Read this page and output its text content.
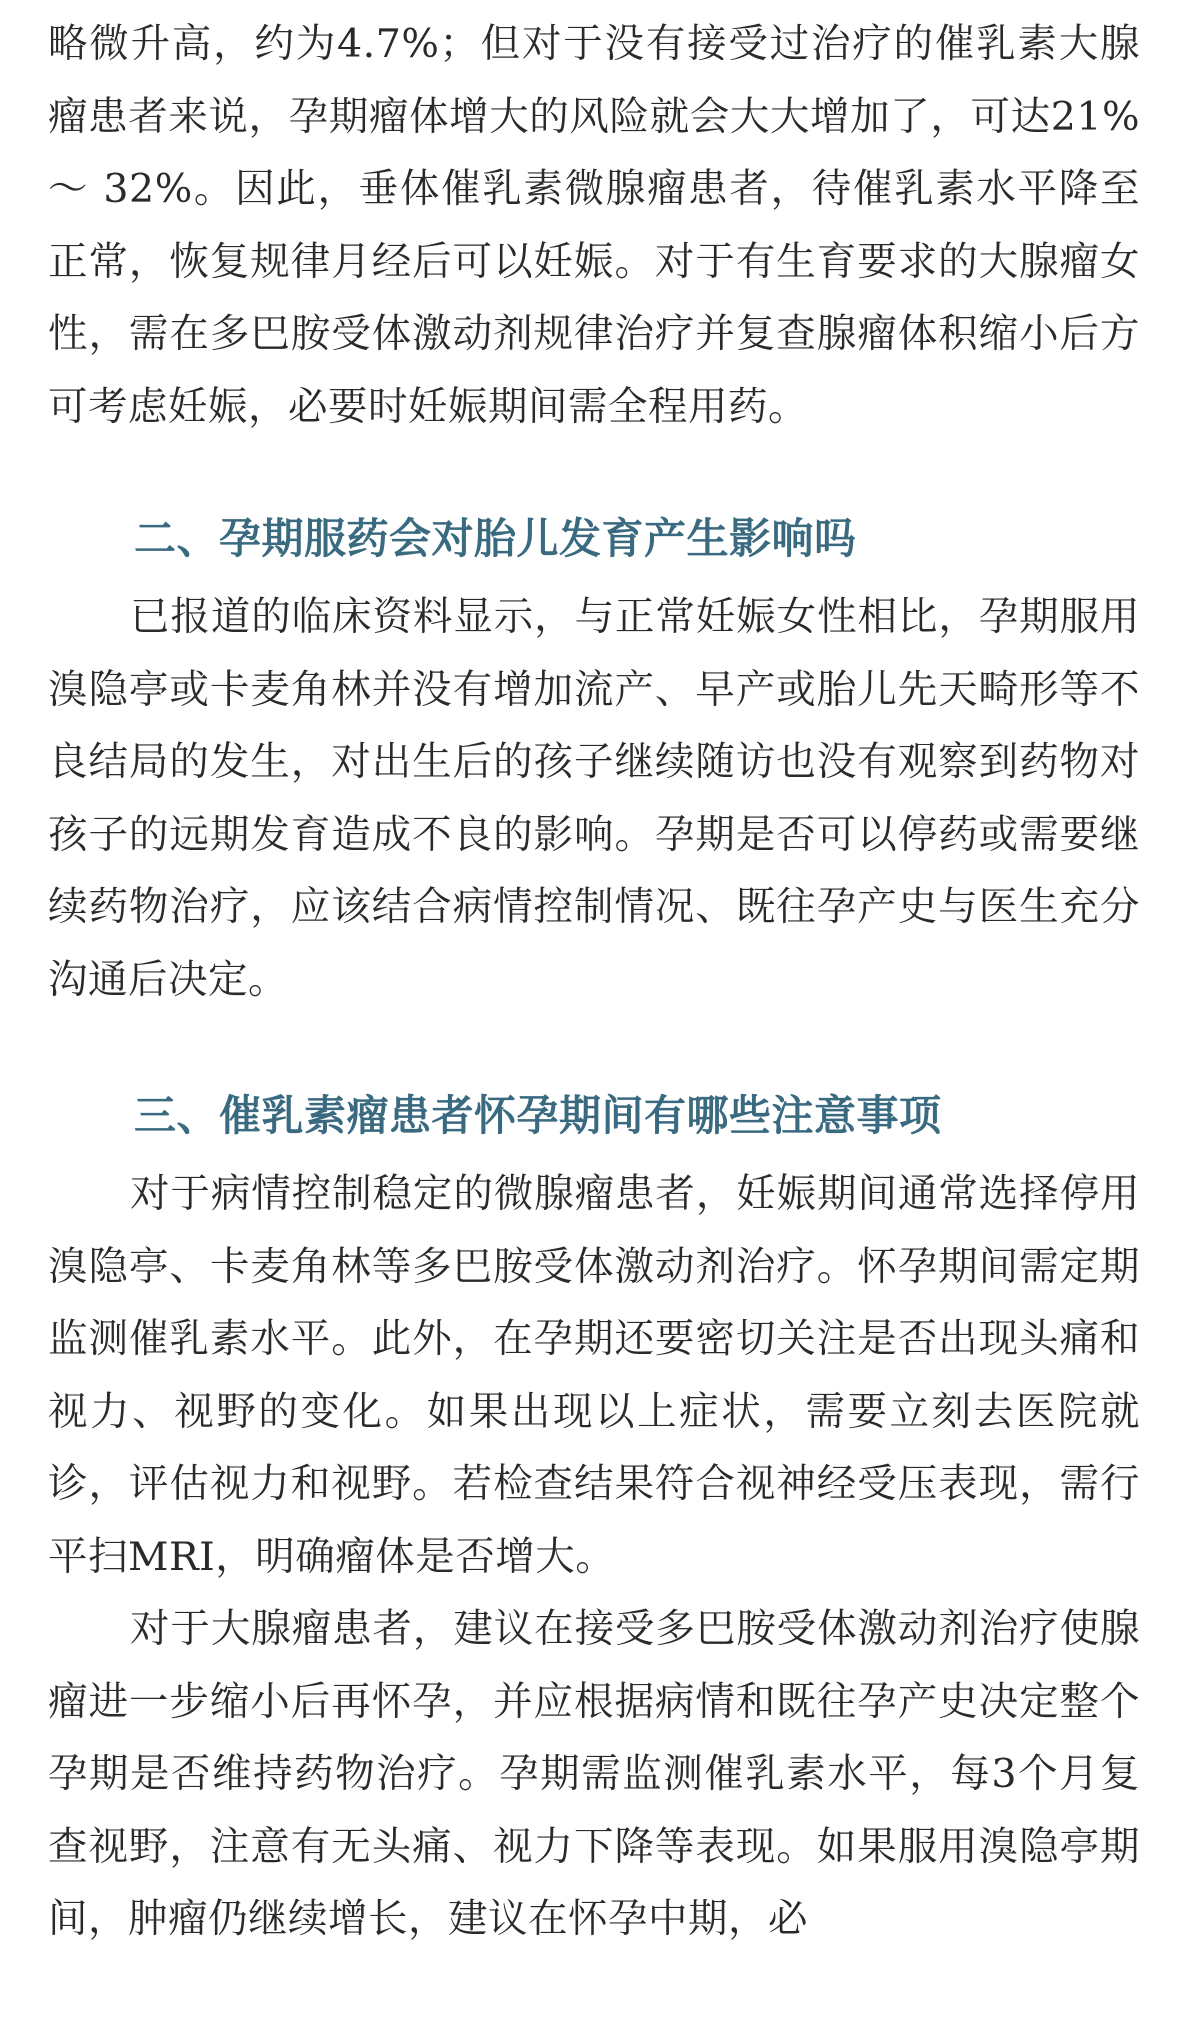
略微升高，约为4.7%；但对于没有接受过治疗的催乳素大腺瘤患者来说，孕期瘤体增大的风险就会大大增加了，可达21% ～ 32%。因此，垂体催乳素微腺瘤患者，待催乳素水平降至正常，恢复规律月经后可以妊娠。对于有生育要求的大腺瘤女性，需在多巴胺受体激动剂规律治疗并复查腺瘤体积缩小后方可考虑妊娠，必要时妊娠期间需全程用药。

二、孕期服药会对胎儿发育产生影响吗

已报道的临床资料显示，与正常妊娠女性相比，孕期服用溴隐亭或卡麦角林并没有增加流产、早产或胎儿先天畸形等不良结局的发生，对出生后的孩子继续随访也没有观察到药物对孩子的远期发育造成不良的影响。孕期是否可以停药或需要继续药物治疗，应该结合病情控制情况、既往孕产史与医生充分沟通后决定。

三、催乳素瘤患者怀孕期间有哪些注意事项

对于病情控制稳定的微腺瘤患者，妊娠期间通常选择停用溴隐亭、卡麦角林等多巴胺受体激动剂治疗。怀孕期间需定期监测催乳素水平。此外，在孕期还要密切关注是否出现头痛和视力、视野的变化。如果出现以上症状，需要立刻去医院就诊，评估视力和视野。若检查结果符合视神经受压表现，需行平扫MRI，明确瘤体是否增大。

对于大腺瘤患者，建议在接受多巴胺受体激动剂治疗使腺瘤进一步缩小后再怀孕，并应根据病情和既往孕产史决定整个孕期是否维持药物治疗。孕期需监测催乳素水平，每3个月复查视野，注意有无头痛、视力下降等表现。如果服用溴隐亭期间，肿瘤仍继续增长，建议在怀孕中期，必
